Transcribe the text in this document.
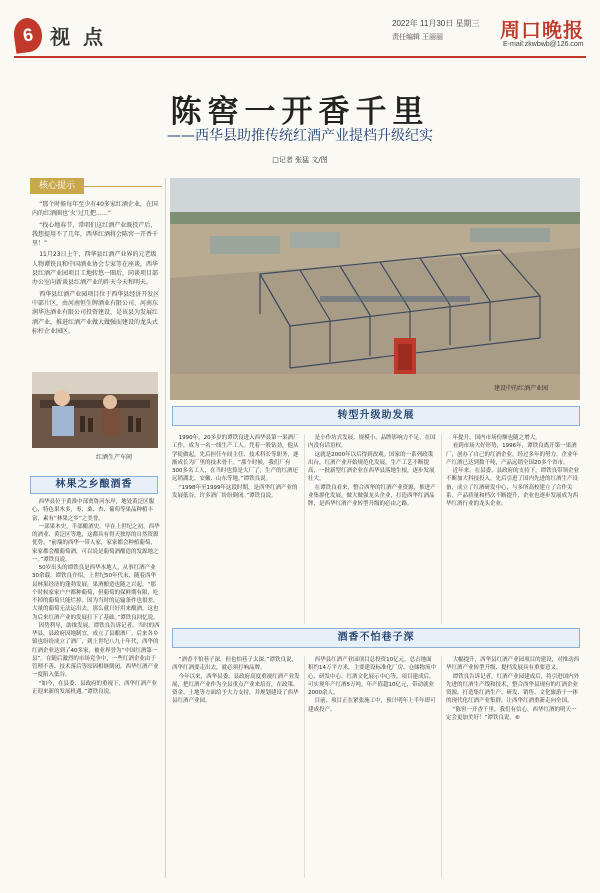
6 视 点
2022年 11月30日 星期三
责任编辑 王丽丽	周口晚报
E-mail:zkwbwb@126.com
陈窖一开香千里
——西华县助推传统红酒产业提档升级纪实
□记者 张猛 文/图
核心提示

“那个时候每年至少有40多家红酒企业，在国内的红酒圈也‘火’过几把……”

“找心地春节，常唱们这红酒产业既投产后，我想提用不了几年，西华红酒将会陈窖一开香千里！”

11月23日上午，西华县红酒产业界的元老级人物谭铁良和中国酒业协会专家等在座谈，西华县红酒产业园项目工地转悠一圈后，同谈项目部办公室向新谈县红酒产业的昨天今天和明天。

西华县红酒产业园项目位于西华县经济开发区中部片区，由河南恒生牌酒业有限公司、河南东润华达酒业有限公司投资建设，是该县为发展红酒产业，推进红酒产业做大做强而建设的龙头式标杆企业园区。

建设中的红酒产业园
红酒生产车间
林果之乡酿酒香
转型升级助发展
酒香不怕巷子深

西华县位于黄淮中部贾鲁河东岸，地处黄泛区腹心，特色果木多，枣、桑、杏、葡萄等果品种植丰富，素有“林果之乡”之美誉。

一部果木史，半部酿酒史。早在上世纪之初，西华的酒业、黄泛区等地，这都具有得天独厚的自然资源优势。“前端的西华一带人家，家家都会种植葡萄，家家都会酿葡萄酒，可以说是葡萄酒酿造的发源地之一。”谭铁良说。

50岁出头的谭铁良是西华本地人，从事红酒产业30余载。谭铁良介绍，上世纪50年代末，随着西华县林果经济的蓬勃发展，果酒酿造也随之兴起。“那个时候家家户户都种葡萄，但葡萄的保鲜期有限，吃不掉的葡萄只能烂掉。因为当时的运输条件也很差，大量的葡萄无法运出去，那么就只好用来酿酒，这也为后来红酒产业的发展打下了基础。”谭铁良回忆说。

因势利导，助推发展。谭铁良告诉记者，当时的西华县，县政府因地制宜，成立了县酿酒厂。后来各乡镇也纷纷成立了酒厂，到上世纪八九十年代，西华的红酒企业达到了40多家，被业界誉为“中国红酒第一县”。在随后激烈的市场竞争中，一些红酒企业由于管理不善、技术落后等原因相继倒闭，西华红酒产业一度陷入低谷。

“如今，在县委、县政府的重视下，西华红酒产业正迎来新的发展机遇。”谭铁良说。

1990年，20多岁的谭铁良进入西华县第一果酒厂工作，成为一名一线生产工人。凭着一股钻劲，他从学徒做起，先后担任车间主任、技术科长等职务，逐渐成长为厂里的技术骨干。“那个时候，我们厂有300多名工人，在当时也算是大厂了，生产的红酒还远销湖北、安徽、山东等地。”谭铁良说。

“1998年至1999年这段时期，是西华红酒产业的发展低谷，许多酒厂纷纷倒闭。”谭铁良说。

是小作坊式发展，规模小，品牌影响力不足，在国内没有话语权。

这就是2000年以后得到改观。国家的一系列政策出台，红酒产业开始规范化发展，生产工艺不断提高，一批新型红酒企业在西华县落地生根，逐步发展壮大。

在谭铁良看来，整合西华的红酒产业资源，推进产业集群化发展，做大做强龙头企业，打造西华红酒品牌，是西华红酒产业转型升级的必由之路。

年提升，国内市场份额也随之增大。

看到市场大好形势，1996年，谭铁良离开第一果酒厂，创办了自己的红酒企业。经过多年的努力，企业年产红酒已达到数千吨，产品远销全国20多个省市。

近年来，在县委、县政府的支持下，谭铁良带领企业不断加大科技投入，先后引进了国内先进的红酒生产设备，成立了红酒研发中心，与多所高校建立了合作关系，产品质量和档次不断提升，企业也逐步发展成为西华红酒行业的龙头企业。

“酒香不怕巷子深，但也怕巷子太深。”谭铁良说，西华红酒要走出去，就必须打响品牌。

今年以来，西华县委、县政府高度重视红酒产业发展，把红酒产业作为全县重点产业来培育，在政策、资金、土地等方面给予大力支持，并规划建设了西华县红酒产业园。

西华县红酒产业园项目总投资10亿元，总占地面积约14万平方米，主要建设标准化厂房、仓储物流中心、研发中心、红酒文化展示中心等，项目建成后，可实现年产红酒5万吨，年产值超10亿元，带动就业2000余人。

目前，项目正在紧张施工中，预计明年上半年即可建成投产。

大幅提升，西华县红酒产业园项目的建设，对推动西华红酒产业转型升级、提档发展具有重要意义。

谭铁良告诉记者，红酒产业园建成后，将引进国内外先进的红酒生产线和技术，整合西华县现有的红酒企业资源，打造集红酒生产、研发、销售、文化旅游于一体的现代化红酒产业集群，让西华红酒重新走向全国。

“陈窖一开香千里，我们有信心，西华红酒的明天一定会更加美好！”谭铁良说。⑥
